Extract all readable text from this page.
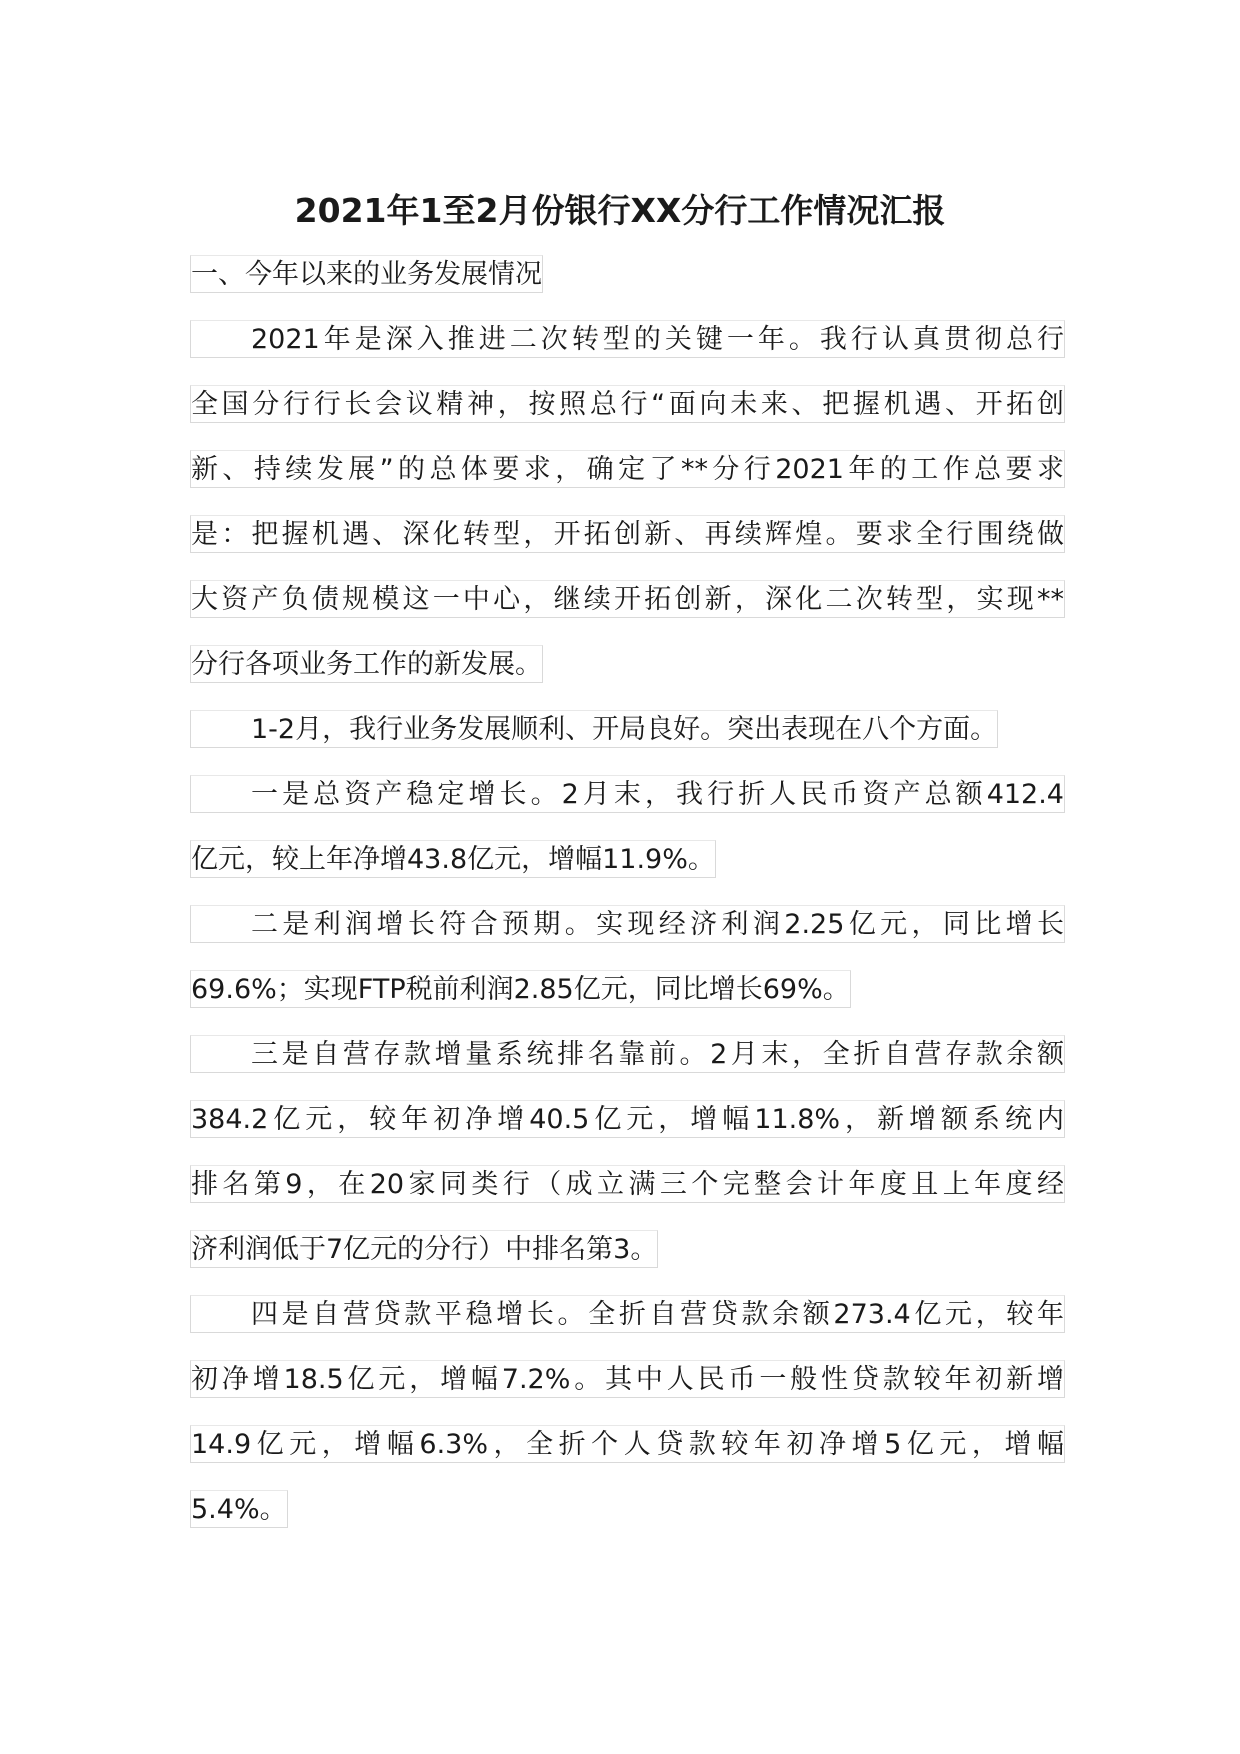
2021年1至2月份银行XX分行工作情况汇报
一、今年以来的业务发展情况
2021年是深入推进二次转型的关键一年。我行认真贯彻总行
全国分行行长会议精神，按照总行“面向未来、把握机遇、开拓创
新、持续发展”的总体要求，确定了**分行2021年的工作总要求
是：把握机遇、深化转型，开拓创新、再续辉煌。要求全行围绕做
大资产负债规模这一中心，继续开拓创新，深化二次转型，实现**
分行各项业务工作的新发展。
1-2月，我行业务发展顺利、开局良好。突出表现在八个方面。
一是总资产稳定增长。2月末，我行折人民币资产总额412.4
亿元，较上年净增43.8亿元，增幅11.9%。
二是利润增长符合预期。实现经济利润2.25亿元，同比增长
69.6%；实现FTP税前利润2.85亿元，同比增长69%。
三是自营存款增量系统排名靠前。2月末，全折自营存款余额
384.2亿元，较年初净增40.5亿元，增幅11.8%，新增额系统内
排名第9，在20家同类行（成立满三个完整会计年度且上年度经
济利润低于7亿元的分行）中排名第3。
四是自营贷款平稳增长。全折自营贷款余额273.4亿元，较年
初净增18.5亿元，增幅7.2%。其中人民币一般性贷款较年初新增
14.9亿元，增幅6.3%，全折个人贷款较年初净增5亿元，增幅
5.4%。
